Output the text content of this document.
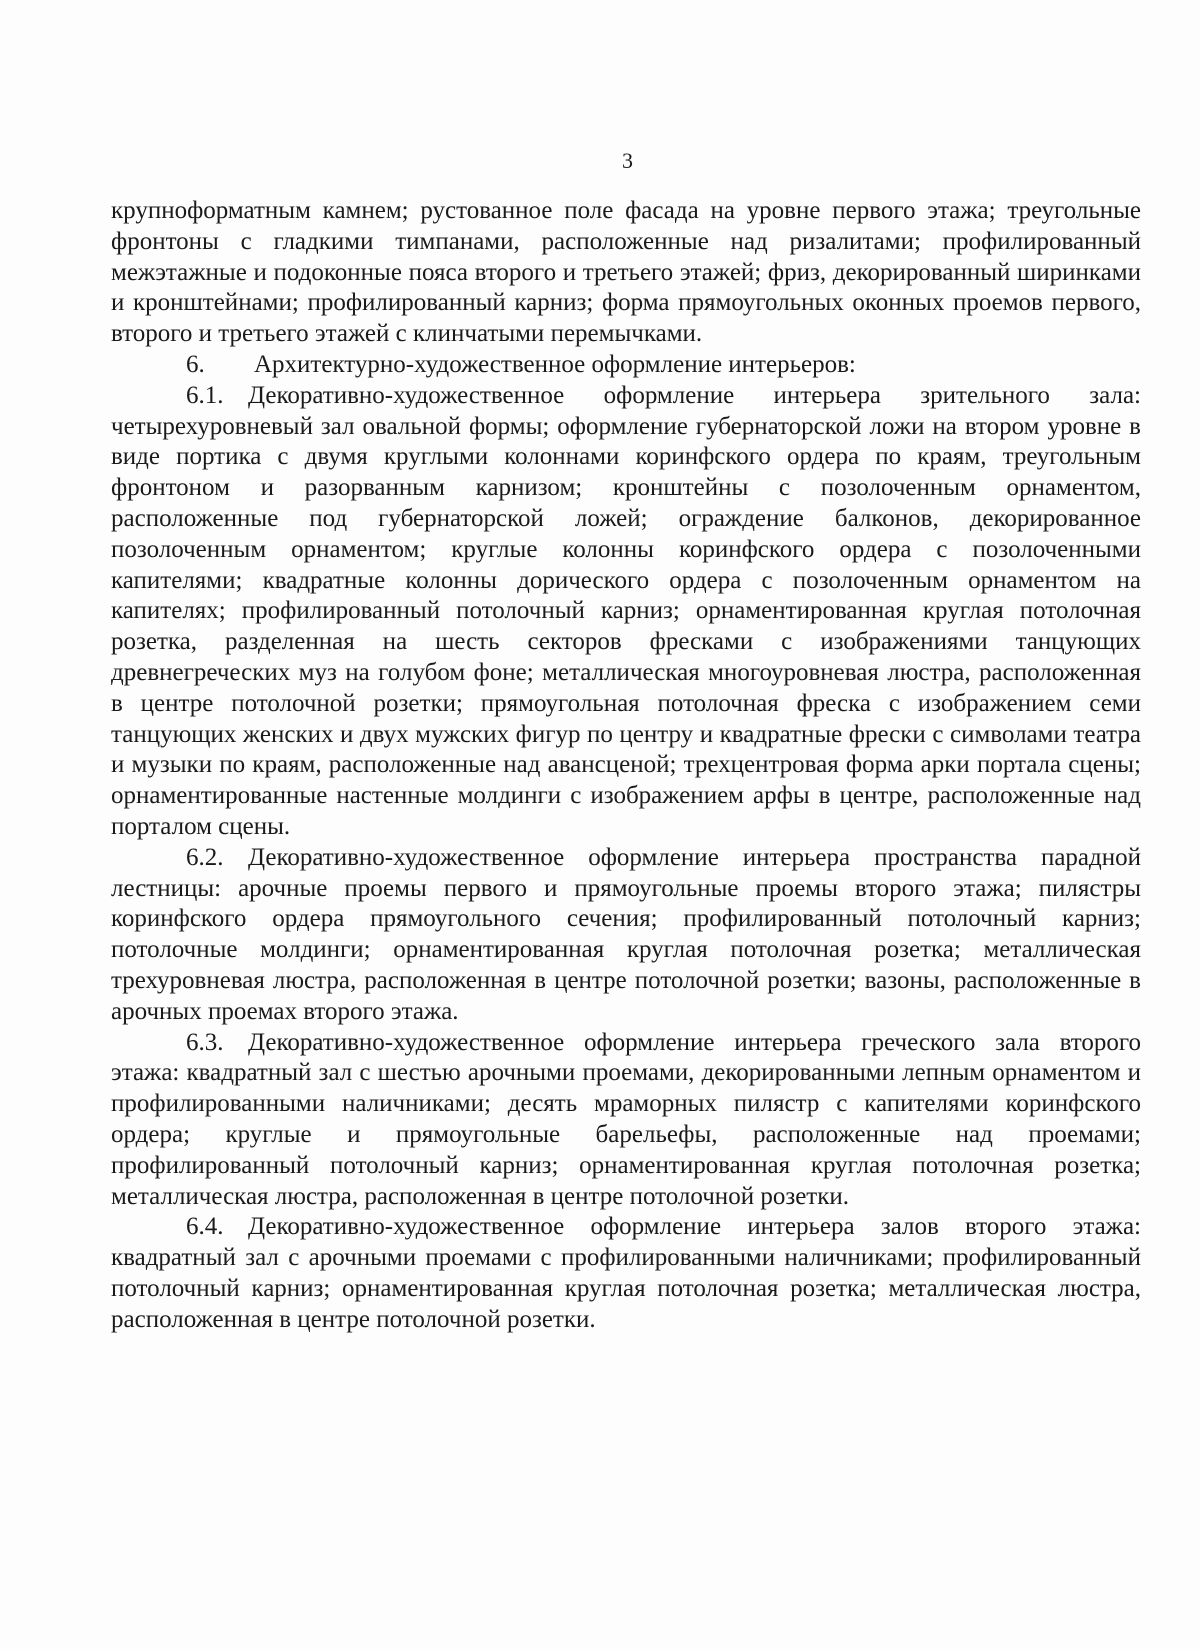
3

крупноформатным камнем; рустованное поле фасада на уровне первого этажа; треугольные фронтоны с гладкими тимпанами, расположенные над ризалитами; профилированный межэтажные и подоконные пояса второго и третьего этажей; фриз, декорированный ширинками и кронштейнами; профилированный карниз; форма прямоугольных оконных проемов первого, второго и третьего этажей с клинчатыми перемычками.

6. Архитектурно-художественное оформление интерьеров:

6.1. Декоративно-художественное оформление интерьера зрительного зала: четырехуровневый зал овальной формы; оформление губернаторской ложи на втором уровне в виде портика с двумя круглыми колоннами коринфского ордера по краям, треугольным фронтоном и разорванным карнизом; кронштейны с позолоченным орнаментом, расположенные под губернаторской ложей; ограждение балконов, декорированное позолоченным орнаментом; круглые колонны коринфского ордера с позолоченными капителями; квадратные колонны дорического ордера с позолоченным орнаментом на капителях; профилированный потолочный карниз; орнаментированная круглая потолочная розетка, разделенная на шесть секторов фресками с изображениями танцующих древнегреческих муз на голубом фоне; металлическая многоуровневая люстра, расположенная в центре потолочной розетки; прямоугольная потолочная фреска с изображением семи танцующих женских и двух мужских фигур по центру и квадратные фрески с символами театра и музыки по краям, расположенные над авансценой; трехцентровая форма арки портала сцены; орнаментированные настенные молдинги с изображением арфы в центре, расположенные над порталом сцены.

6.2. Декоративно-художественное оформление интерьера пространства парадной лестницы: арочные проемы первого и прямоугольные проемы второго этажа; пилястры коринфского ордера прямоугольного сечения; профилированный потолочный карниз; потолочные молдинги; орнаментированная круглая потолочная розетка; металлическая трехуровневая люстра, расположенная в центре потолочной розетки; вазоны, расположенные в арочных проемах второго этажа.

6.3. Декоративно-художественное оформление интерьера греческого зала второго этажа: квадратный зал с шестью арочными проемами, декорированными лепным орнаментом и профилированными наличниками; десять мраморных пилястр с капителями коринфского ордера; круглые и прямоугольные барельефы, расположенные над проемами; профилированный потолочный карниз; орнаментированная круглая потолочная розетка; металлическая люстра, расположенная в центре потолочной розетки.

6.4. Декоративно-художественное оформление интерьера залов второго этажа: квадратный зал с арочными проемами с профилированными наличниками; профилированный потолочный карниз; орнаментированная круглая потолочная розетка; металлическая люстра, расположенная в центре потолочной розетки.
